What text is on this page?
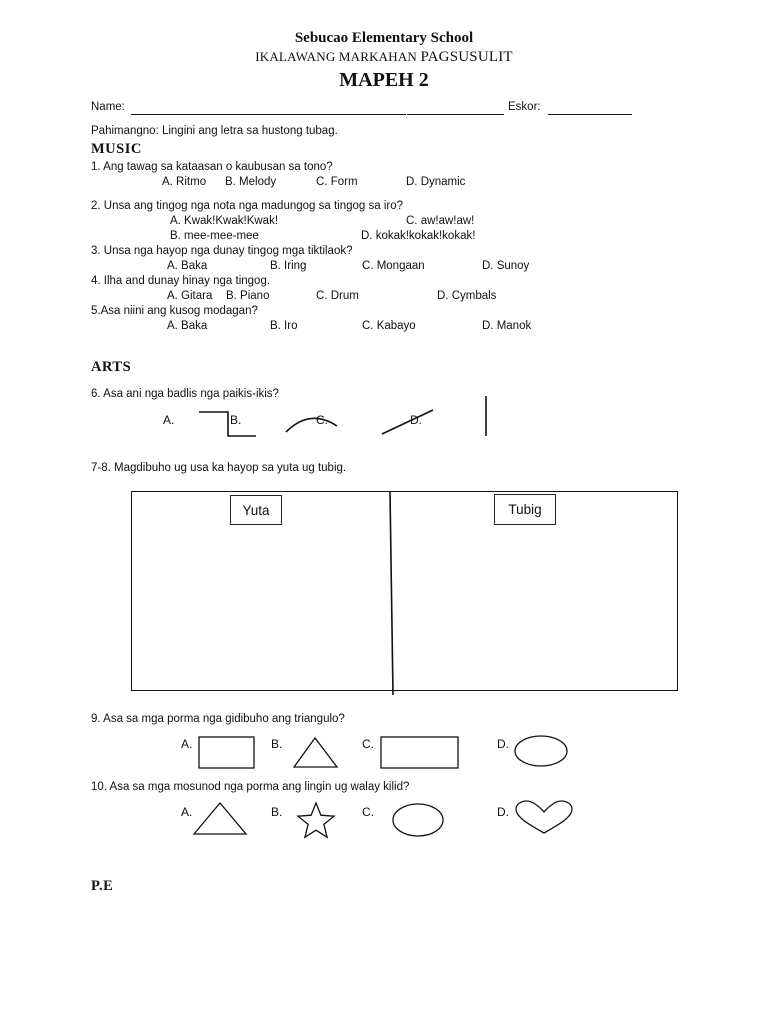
Sebucao Elementary School
IKALAWANG MARKAHAN PAGSUSULIT
MAPEH 2
Name:	Eskor:
Pahimangno: Lingini ang letra sa hustong tubag.
MUSIC
1. Ang tawag sa kataasan o kaubusan sa tono?
A. Ritmo B. Melody	C. Form	D. Dynamic
2. Unsa ang tingog nga nota nga madungog sa tingog sa iro?
A. Kwak!Kwak!Kwak!	C. aw!aw!aw!
B. mee-mee-mee	D. kokak!kokak!kokak!
3. Unsa nga hayop nga dunay tingog mga tiktilaok?
A. Baka	B. Iring	C. Mongaan	D. Sunoy
4. Ilha and dunay hinay nga tingog.
A. Gitara B. Piano	C. Drum	D. Cymbals
5.Asa niini ang kusog modagan?
A. Baka	B. Iro	C. Kabayo	D. Manok
ARTS
6. Asa ani nga badlis nga paikis-ikis?
A.	B.	C.	D.
7-8. Magdibuho ug usa ka hayop sa yuta ug tubig.
Yuta	Tubig
9. Asa sa mga porma nga gidibuho ang triangulo?
A.	B.	C.	D.
10. Asa sa mga mosunod nga porma ang lingin ug walay kilid?
A.	B.	C.	D.
P.E
